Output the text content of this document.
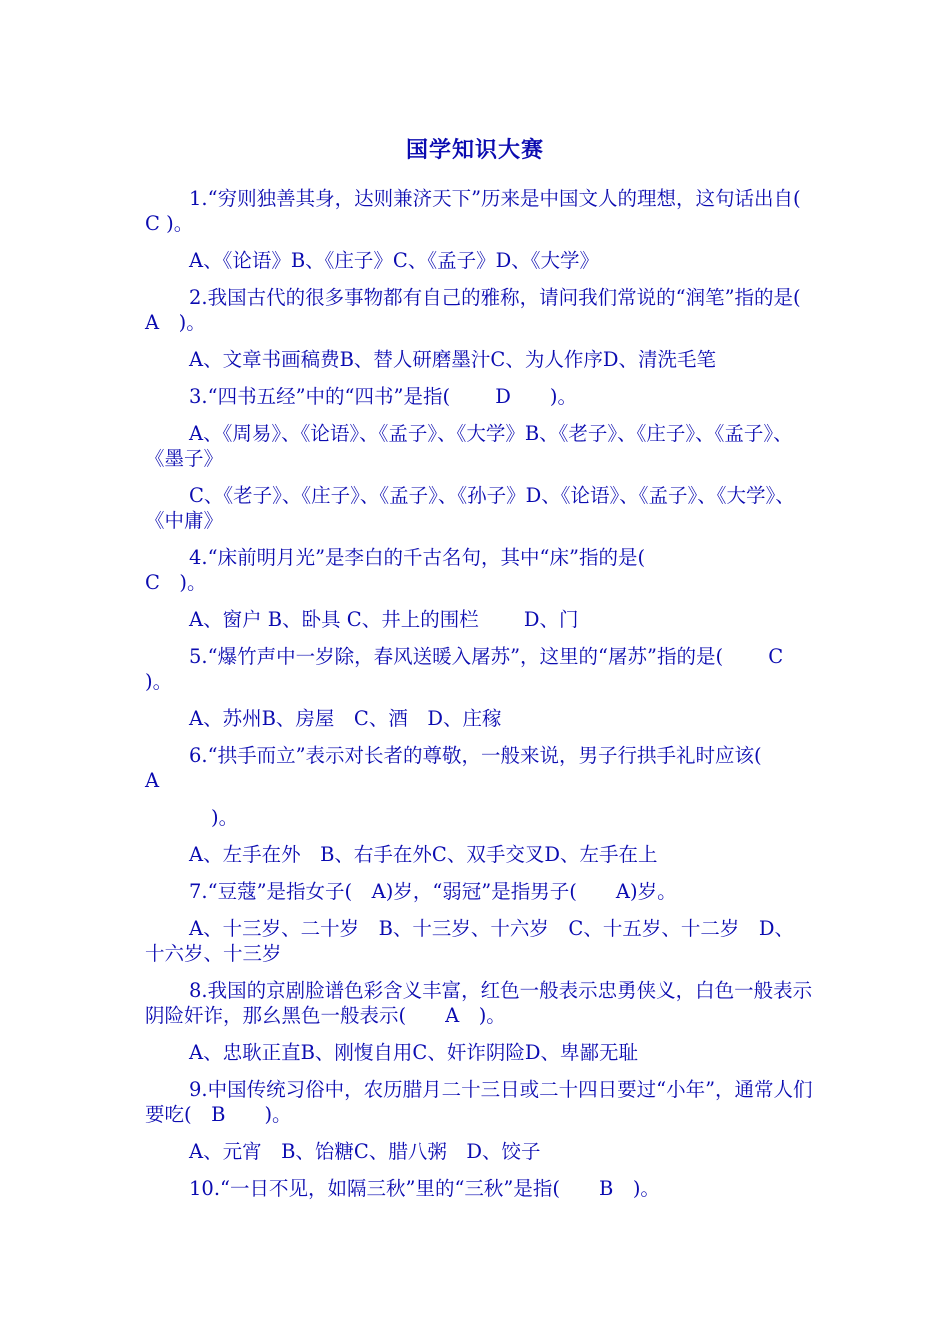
国学知识大赛

1.“穷则独善其身，达则兼济天下”历来是中国文人的理想，这句话出自( C )。

A、《论语》B、《庄子》C、《孟子》D、《大学》

2.我国古代的很多事物都有自己的雅称，请问我们常说的“润笔”指的是(　 A　)。

A、文章书画稿费B、替人研磨墨汁C、为人作序D、清洗毛笔

3.“四书五经”中的“四书”是指(　　 D　　)。

A、《周易》、《论语》、《孟子》、《大学》B、《老子》、《庄子》、《孟子》、《墨子》

C、《老子》、《庄子》、《孟子》、《孙子》D、《论语》、《孟子》、《大学》、《中庸》

4.“床前明月光”是李白的千古名句，其中“床”指的是(　　　　　　　　　　　　 C　)。

A、窗户 B、卧具 C、井上的围栏　　 D、门

5.“爆竹声中一岁除，春风送暖入屠苏”，这里的“屠苏”指的是(　　 C　 )。

A、苏州B、房屋　C、酒　D、庄稼

6.“拱手而立”表示对长者的尊敬，一般来说，男子行拱手礼时应该(　　 A

)。

A、左手在外　B、右手在外C、双手交叉D、左手在上

7.“豆蔻”是指女子(　A)岁，“弱冠”是指男子(　　A)岁。

A、十三岁、二十岁　B、十三岁、十六岁　C、十五岁、十二岁　D、十六岁、十三岁

8.我国的京剧脸谱色彩含义丰富，红色一般表示忠勇侠义，白色一般表示阴险奸诈，那幺黑色一般表示(　　A　)。

A、忠耿正直B、刚愎自用C、奸诈阴险D、卑鄙无耻

9.中国传统习俗中，农历腊月二十三日或二十四日要过“小年”，通常人们要吃(　B　　)。

A、元宵　B、饴糖C、腊八粥　D、饺子

10.“一日不见，如隔三秋”里的“三秋”是指(　　B　)。
